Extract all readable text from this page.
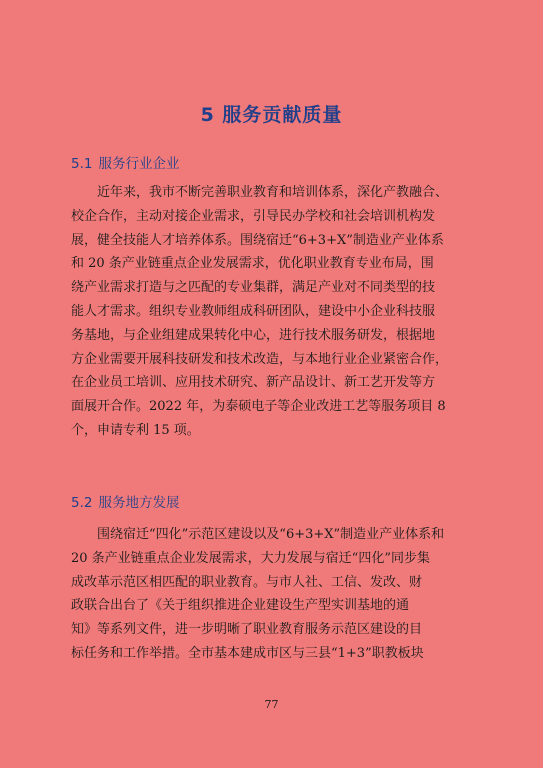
5 服务贡献质量
5.1 服务行业企业
　　近年来，我市不断完善职业教育和培训体系，深化产教融合、
校企合作，主动对接企业需求，引导民办学校和社会培训机构发
展，健全技能人才培养体系。围绕宿迁“6+3+X”制造业产业体系
和 20 条产业链重点企业发展需求，优化职业教育专业布局，围
绕产业需求打造与之匹配的专业集群，满足产业对不同类型的技
能人才需求。组织专业教师组成科研团队，建设中小企业科技服
务基地，与企业组建成果转化中心，进行技术服务研发，根据地
方企业需要开展科技研发和技术改造，与本地行业企业紧密合作，
在企业员工培训、应用技术研究、新产品设计、新工艺开发等方
面展开合作。2022 年，为泰硕电子等企业改进工艺等服务项目 8
个，申请专利 15 项。
5.2 服务地方发展
　　围绕宿迁“四化”示范区建设以及“6+3+X”制造业产业体系和
20 条产业链重点企业发展需求，大力发展与宿迁“四化”同步集
成改革示范区相匹配的职业教育。与市人社、工信、发改、财
政联合出台了《关于组织推进企业建设生产型实训基地的通
知》等系列文件，进一步明晰了职业教育服务示范区建设的目
标任务和工作举措。全市基本建成市区与三县“1+3”职教板块
77
